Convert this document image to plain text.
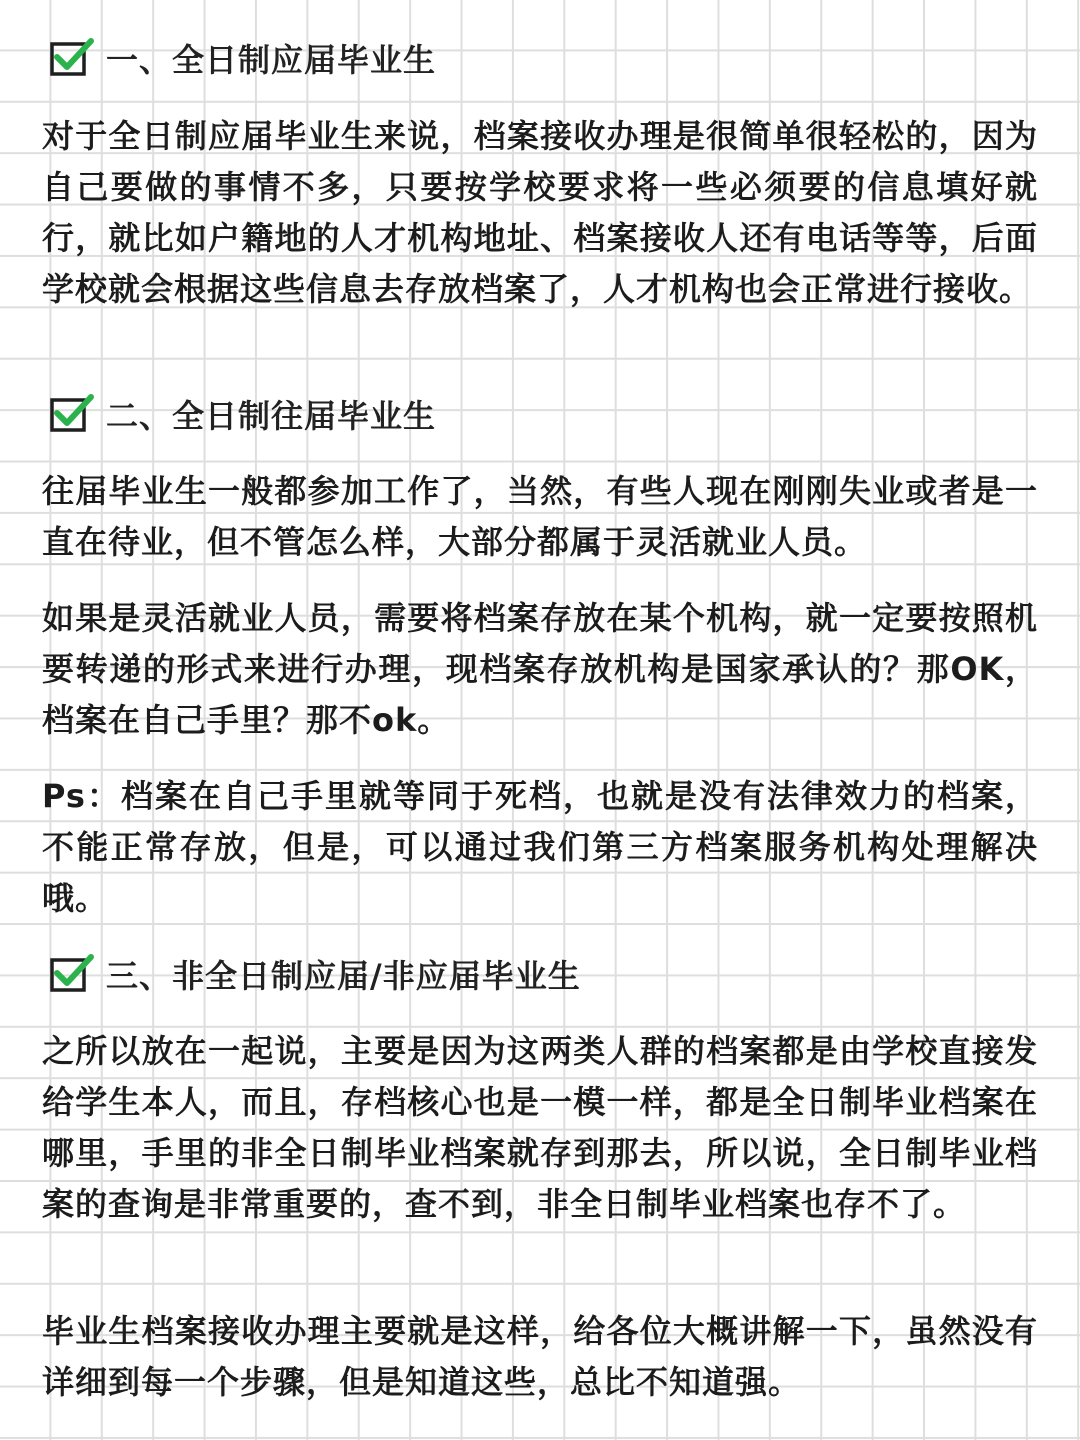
一、全日制应届毕业生

对于全日制应届毕业生来说，档案接收办理是很简单很轻松的，因为自己要做的事情不多，只要按学校要求将一些必须要的信息填好就行，就比如户籍地的人才机构地址、档案接收人还有电话等等，后面学校就会根据这些信息去存放档案了，人才机构也会正常进行接收。

二、全日制往届毕业生

往届毕业生一般都参加工作了，当然，有些人现在刚刚失业或者是一直在待业，但不管怎么样，大部分都属于灵活就业人员。

如果是灵活就业人员，需要将档案存放在某个机构，就一定要按照机要转递的形式来进行办理，现档案存放机构是国家承认的？那OK，档案在自己手里？那不ok。

Ps：档案在自己手里就等同于死档，也就是没有法律效力的档案，不能正常存放，但是，可以通过我们第三方档案服务机构处理解决哦。

三、非全日制应届/非应届毕业生

之所以放在一起说，主要是因为这两类人群的档案都是由学校直接发给学生本人，而且，存档核心也是一模一样，都是全日制毕业档案在哪里，手里的非全日制毕业档案就存到那去，所以说，全日制毕业档案的查询是非常重要的，查不到，非全日制毕业档案也存不了。

毕业生档案接收办理主要就是这样，给各位大概讲解一下，虽然没有详细到每一个步骤，但是知道这些，总比不知道强。
